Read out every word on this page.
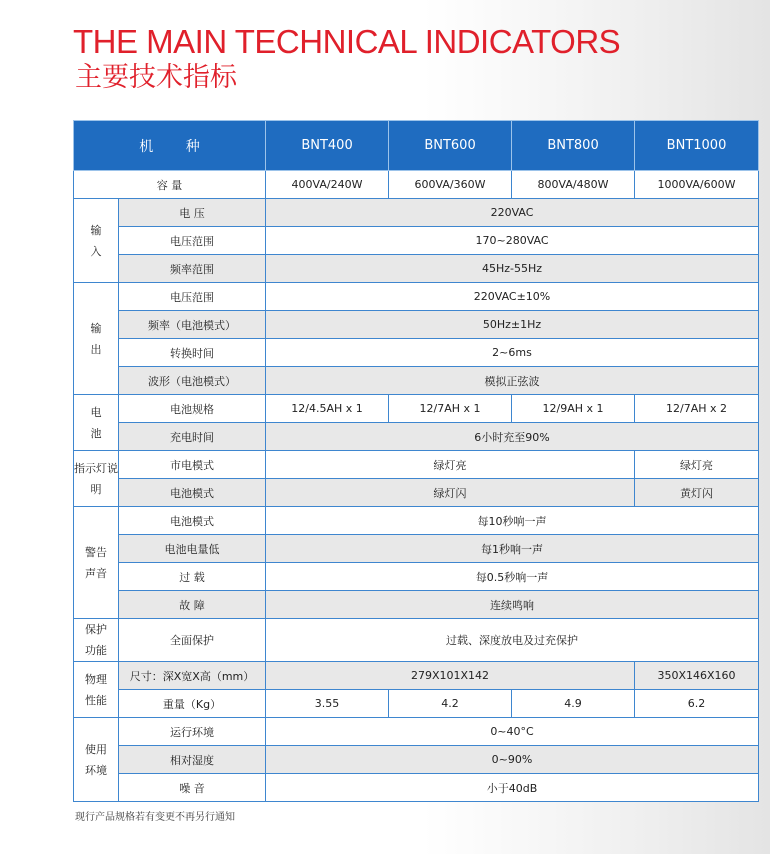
THE MAIN TECHNICAL INDICATORS
主要技术指标
机 种		BNT400	BNT600	BNT800	BNT1000
容 量		400VA/240W	600VA/360W	800VA/480W	1000VA/600W

输
入	电 压	220VAC			
	电压范围	170~280VAC			
	频率范围	45Hz-55Hz			

输
出	电压范围	220VAC±10%			
	频率（电池模式）	50Hz±1Hz			
	转换时间	2~6ms			
	波形（电池模式）	模拟正弦波			

电
池	电池规格	12/4.5AH x 1	12/7AH x 1	12/9AH x 1	12/7AH x 2
	充电时间	6小时充至90%			
指示灯说明	市电模式	绿灯亮			绿灯亮
	电池模式	绿灯闪			黄灯闪

警告
声音	电池模式	每10秒响一声			
	电池电量低	每1秒响一声			
	过 载	每0.5秒响一声			
	故 障	连续鸣响			

保护
功能	全面保护	过载、深度放电及过充保护			

物理
性能	尺寸：深X宽X高（mm）	279X101X142			350X146X160
	重量（Kg）	3.55	4.2	4.9	6.2

使用
环境	运行环境	0~40°C			
	相对湿度	0~90%			
	噪 音	小于40dB			
现行产品规格若有变更不再另行通知
